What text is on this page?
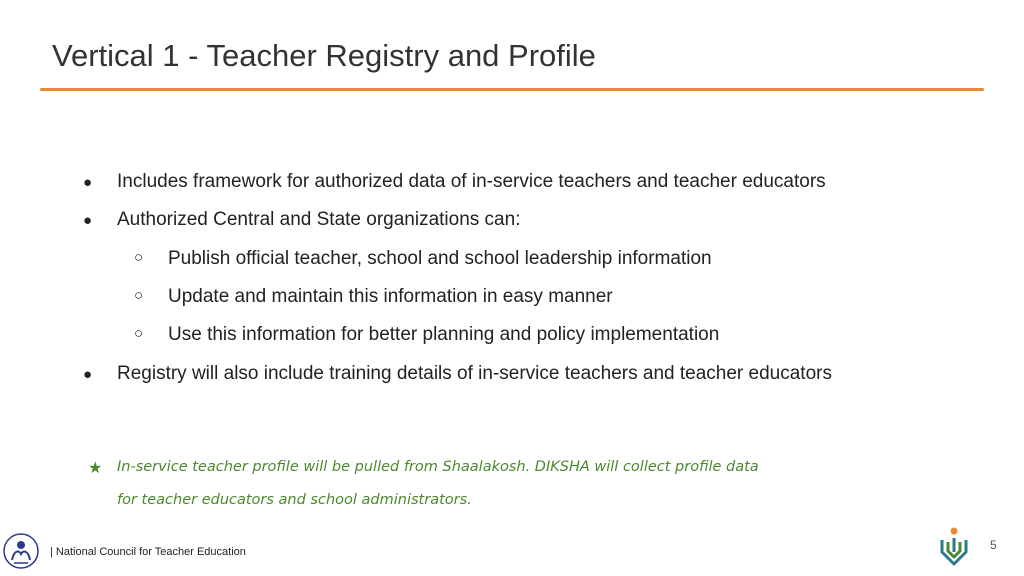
Vertical 1 - Teacher Registry and Profile
● Includes framework for authorized data of in-service teachers and teacher educators
● Authorized Central and State organizations can:
○ Publish official teacher, school and school leadership information
○ Update and maintain this information in easy manner
○ Use this information for better planning and policy implementation
● Registry will also include training details of in-service teachers and teacher educators
★ In-service teacher profile will be pulled from Shaalakosh. DIKSHA will collect profile data
for teacher educators and school administrators.
| National Council for Teacher Education	5
